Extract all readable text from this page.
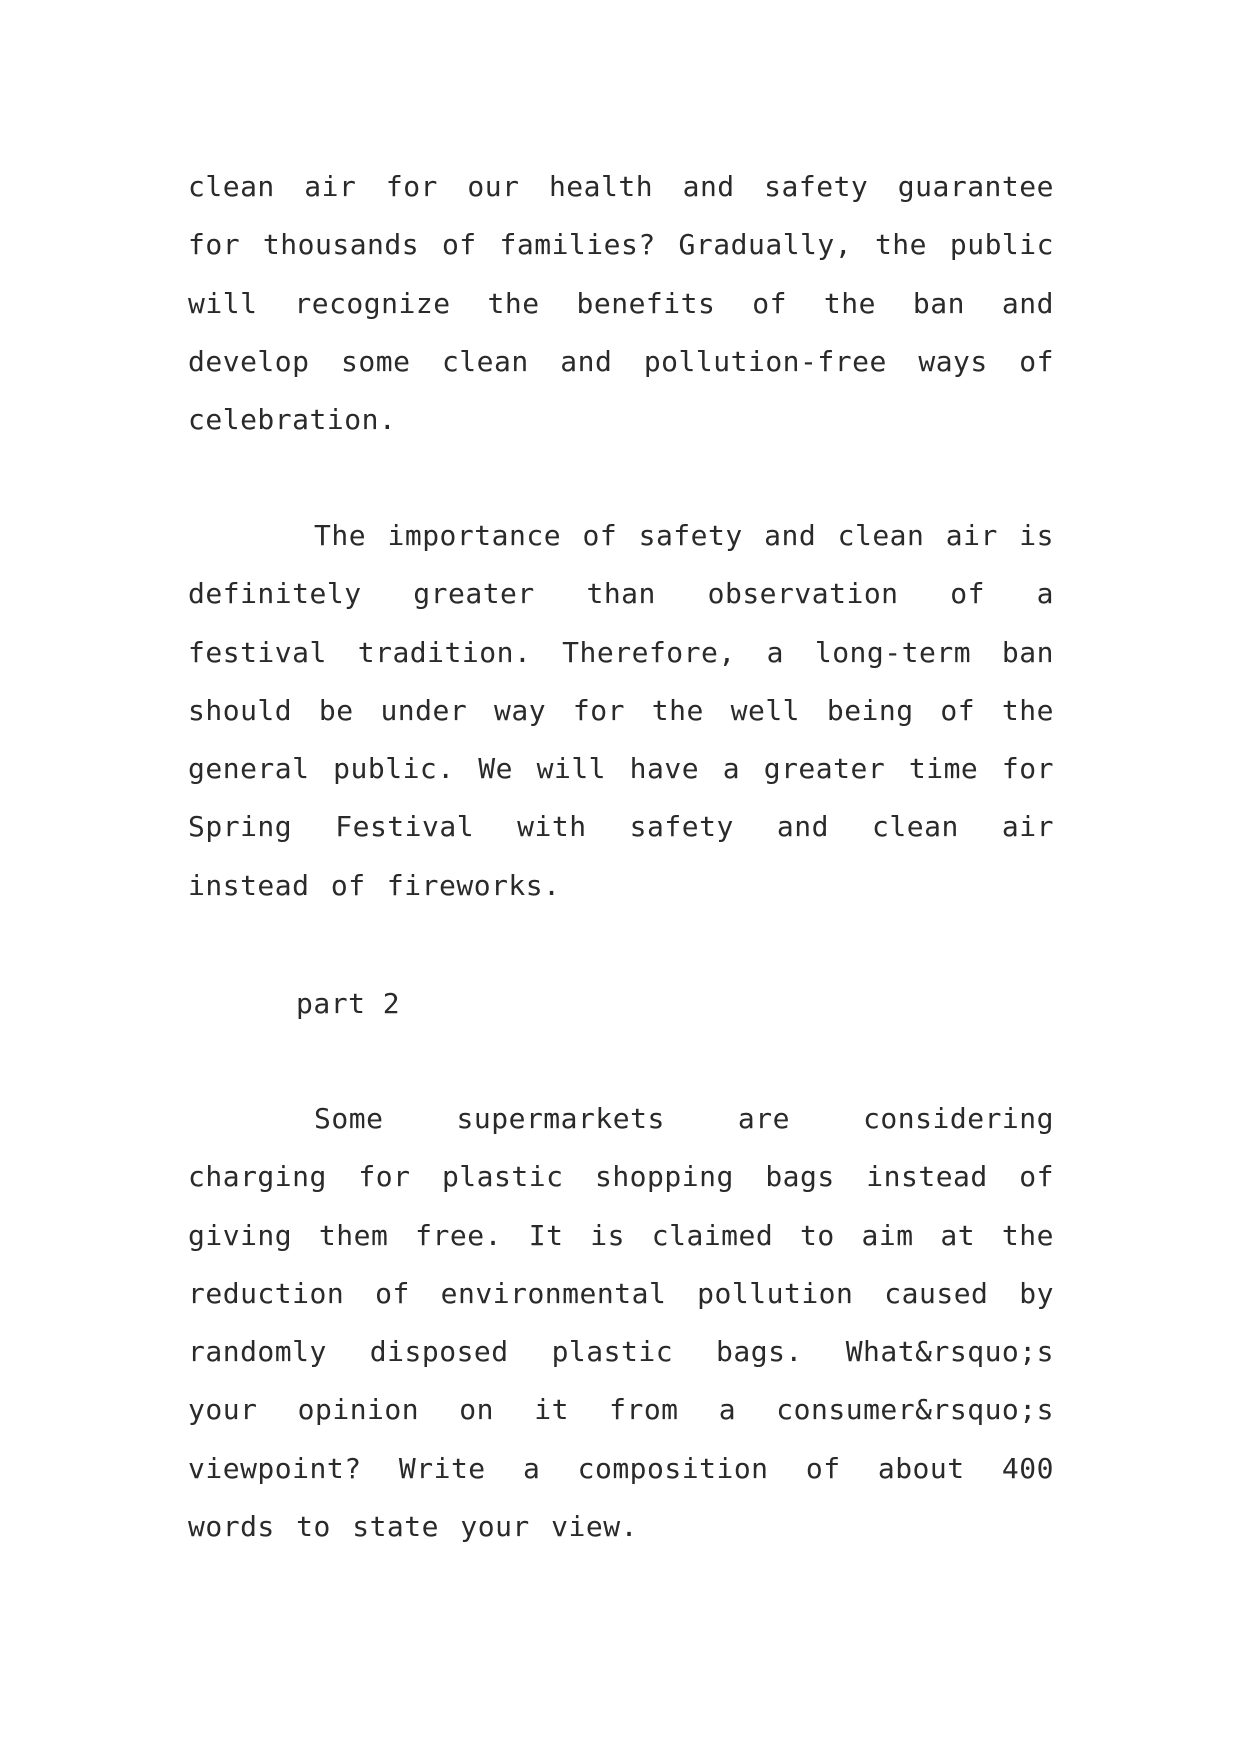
clean air for our health and safety guarantee for thousands of families? Gradually, the public will recognize the benefits of the ban and develop some clean and pollution-free ways of celebration.

The importance of safety and clean air is definitely greater than observation of a festival tradition. Therefore, a long-term ban should be under way for the well being of the general public. We will have a greater time for Spring Festival with safety and clean air instead of fireworks.

part 2

Some supermarkets are considering charging for plastic shopping bags instead of giving them free. It is claimed to aim at the reduction of environmental pollution caused by randomly disposed plastic bags. What&rsquo;s your opinion on it from a consumer&rsquo;s viewpoint? Write a composition of about 400 words to state your view.
